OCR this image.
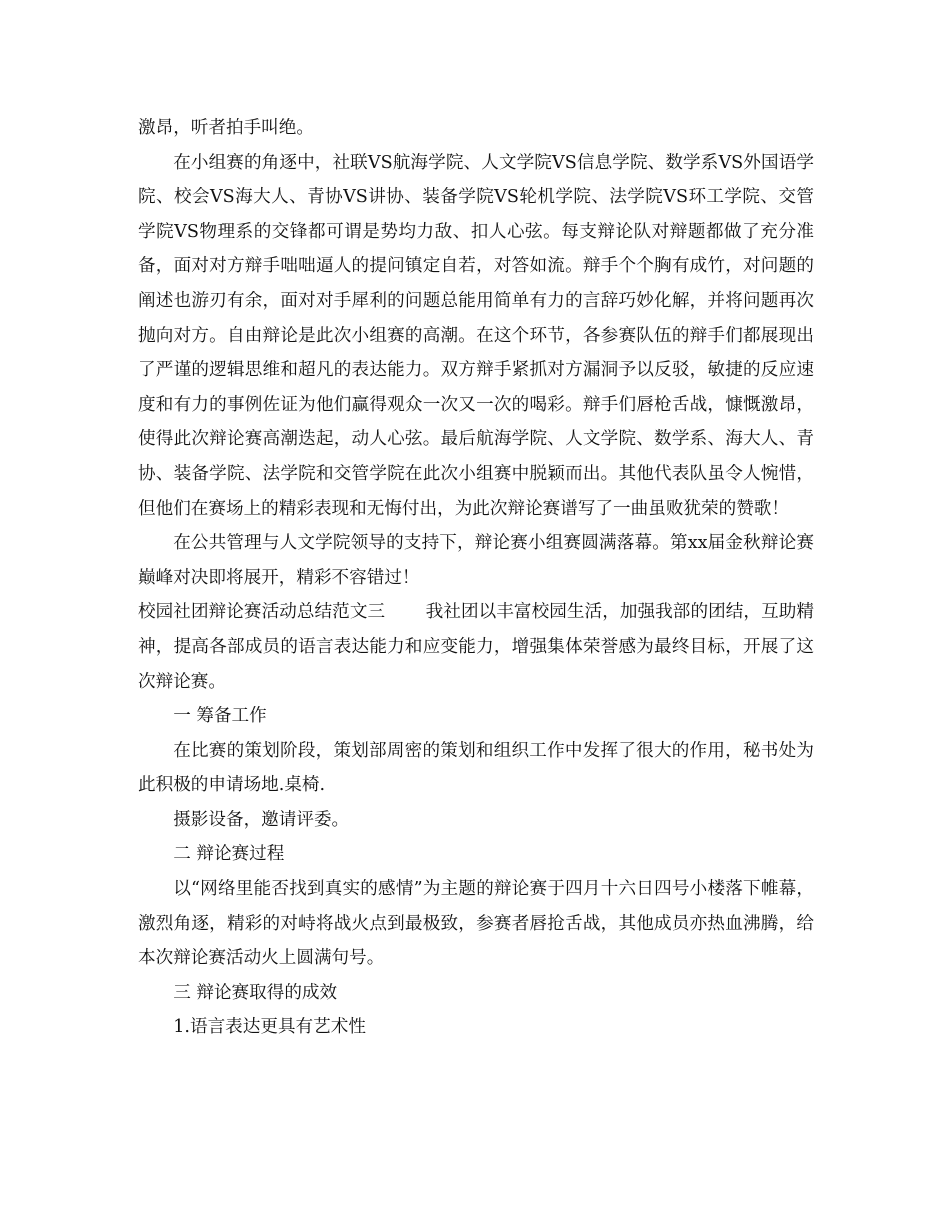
激昂，听者拍手叫绝。

在小组赛的角逐中，社联VS航海学院、人文学院VS信息学院、数学系VS外国语学院、校会VS海大人、青协VS讲协、装备学院VS轮机学院、法学院VS环工学院、交管学院VS物理系的交锋都可谓是势均力敌、扣人心弦。每支辩论队对辩题都做了充分准备，面对对方辩手咄咄逼人的提问镇定自若，对答如流。辩手个个胸有成竹，对问题的阐述也游刃有余，面对对手犀利的问题总能用简单有力的言辞巧妙化解，并将问题再次抛向对方。自由辩论是此次小组赛的高潮。在这个环节，各参赛队伍的辩手们都展现出了严谨的逻辑思维和超凡的表达能力。双方辩手紧抓对方漏洞予以反驳，敏捷的反应速度和有力的事例佐证为他们赢得观众一次又一次的喝彩。辩手们唇枪舌战，慷慨激昂，使得此次辩论赛高潮迭起，动人心弦。最后航海学院、人文学院、数学系、海大人、青协、装备学院、法学院和交管学院在此次小组赛中脱颖而出。其他代表队虽令人惋惜，但他们在赛场上的精彩表现和无悔付出，为此次辩论赛谱写了一曲虽败犹荣的赞歌！

在公共管理与人文学院领导的支持下，辩论赛小组赛圆满落幕。第xx届金秋辩论赛巅峰对决即将展开，精彩不容错过！

校园社团辩论赛活动总结范文三 我社团以丰富校园生活，加强我部的团结，互助精神，提高各部成员的语言表达能力和应变能力，增强集体荣誉感为最终目标，开展了这次辩论赛。

一 筹备工作

在比赛的策划阶段，策划部周密的策划和组织工作中发挥了很大的作用，秘书处为此积极的申请场地.桌椅.

摄影设备，邀请评委。

二 辩论赛过程

以“网络里能否找到真实的感情”为主题的辩论赛于四月十六日四号小楼落下帷幕，激烈角逐，精彩的对峙将战火点到最极致，参赛者唇抢舌战，其他成员亦热血沸腾，给本次辩论赛活动火上圆满句号。

三 辩论赛取得的成效

1.语言表达更具有艺术性
